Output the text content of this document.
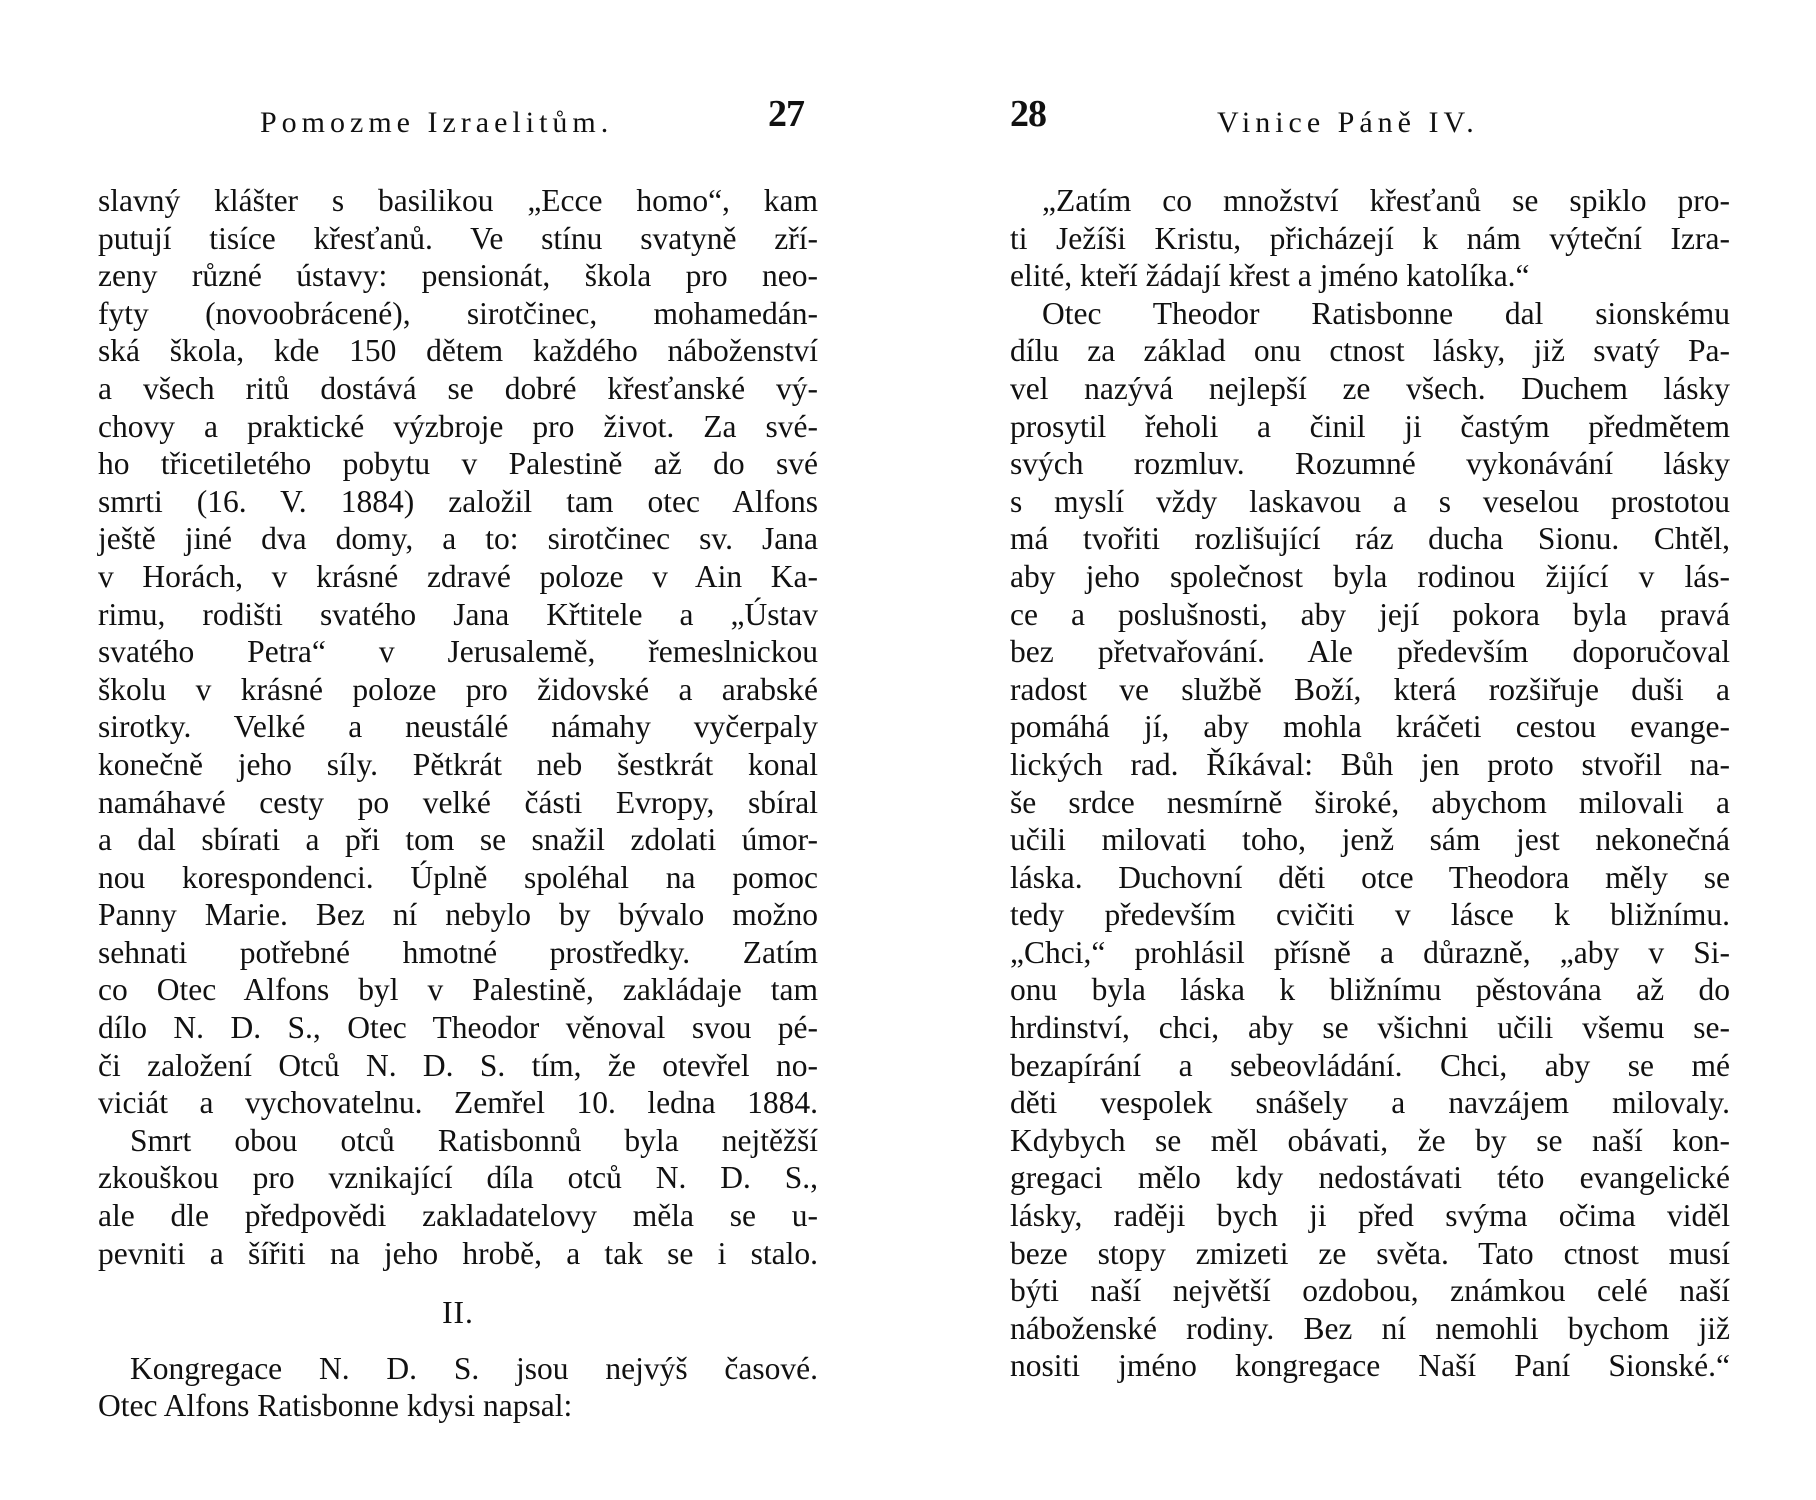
Pomozme Izraelitům.	27
slavný klášter s basilikou „Ecce homo“, kam
putují tisíce křesťanů. Ve stínu svatyně zří-
zeny různé ústavy: pensionát, škola pro neo-
fyty (novoobrácené), sirotčinec, mohamedán-
ská škola, kde 150 dětem každého náboženství
a všech ritů dostává se dobré křesťanské vý-
chovy a praktické výzbroje pro život. Za své-
ho třicetiletého pobytu v Palestině až do své
smrti (16. V. 1884) založil tam otec Alfons
ještě jiné dva domy, a to: sirotčinec sv. Jana
v Horách, v krásné zdravé poloze v Ain Ka-
rimu, rodišti svatého Jana Křtitele a „Ústav
svatého Petra“ v Jerusalemě, řemeslnickou
školu v krásné poloze pro židovské a arabské
sirotky. Velké a neustálé námahy vyčerpaly
konečně jeho síly. Pětkrát neb šestkrát konal
namáhavé cesty po velké části Evropy, sbíral
a dal sbírati a při tom se snažil zdolati úmor-
nou korespondenci. Úplně spoléhal na pomoc
Panny Marie. Bez ní nebylo by bývalo možno
sehnati potřebné hmotné prostředky. Zatím
co Otec Alfons byl v Palestině, zakládaje tam
dílo N. D. S., Otec Theodor věnoval svou pé-
či založení Otců N. D. S. tím, že otevřel no-
viciát a vychovatelnu. Zemřel 10. ledna 1884.
Smrt obou otců Ratisbonnů byla nejtěžší
zkouškou pro vznikající díla otců N. D. S.,
ale dle předpovědi zakladatelovy měla se u-
pevniti a šířiti na jeho hrobě, a tak se i stalo.
II.
Kongregace N. D. S. jsou nejvýš časové.
Otec Alfons Ratisbonne kdysi napsal:
28	Vinice Páně IV.
„Zatím co množství křesťanů se spiklo pro-
ti Ježíši Kristu, přicházejí k nám výteční Izra-
elité, kteří žádají křest a jméno katolíka.“
Otec Theodor Ratisbonne dal sionskému
dílu za základ onu ctnost lásky, již svatý Pa-
vel nazývá nejlepší ze všech. Duchem lásky
prosytil řeholi a činil ji častým předmětem
svých rozmluv. Rozumné vykonávání lásky
s myslí vždy laskavou a s veselou prostotou
má tvořiti rozlišující ráz ducha Sionu. Chtěl,
aby jeho společnost byla rodinou žijící v lás-
ce a poslušnosti, aby její pokora byla pravá
bez přetvařování. Ale především doporučoval
radost ve službě Boží, která rozšiřuje duši a
pomáhá jí, aby mohla kráčeti cestou evange-
lických rad. Říkával: Bůh jen proto stvořil na-
še srdce nesmírně široké, abychom milovali a
učili milovati toho, jenž sám jest nekonečná
láska. Duchovní děti otce Theodora měly se
tedy především cvičiti v lásce k bližnímu.
„Chci,“ prohlásil přísně a důrazně, „aby v Si-
onu byla láska k bližnímu pěstována až do
hrdinství, chci, aby se všichni učili všemu se-
bezapírání a sebeovládání. Chci, aby se mé
děti vespolek snášely a navzájem milovaly.
Kdybych se měl obávati, že by se naší kon-
gregaci mělo kdy nedostávati této evangelické
lásky, raději bych ji před svýma očima viděl
beze stopy zmizeti ze světa. Tato ctnost musí
býti naší největší ozdobou, známkou celé naší
náboženské rodiny. Bez ní nemohli bychom již
nositi jméno kongregace Naší Paní Sionské.“
